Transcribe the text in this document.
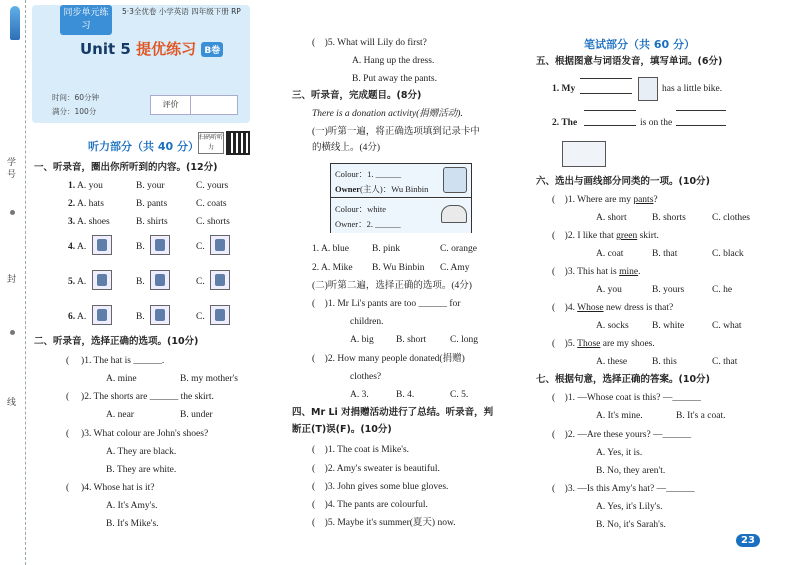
学
号
封
线
同步单元练习
5·3全优卷 小学英语 四年级下册 RP
Unit 5 提优练习 B卷
时间：60分钟
满分：100分
评价
听力部分（共 40 分）
扫码听听力
一、听录音，圈出你所听到的内容。(12分)
1. A. you	B. your	C. yours
2. A. hats	B. pants	C. coats
3. A. shoes	B. shirts	C. shorts
4. A.	B.	C.
5. A.	B.	C.
6. A.	B.	C.
二、听录音，选择正确的选项。(10分)
( )1. The hat is ______.
A. mine	B. my mother's
( )2. The shorts are ______ the skirt.
A. near	B. under
( )3. What colour are John's shoes?
A. They are black.
B. They are white.
( )4. Whose hat is it?
A. It's Amy's.
B. It's Mike's.
( )5. What will Lily do first?
A. Hang up the dress.
B. Put away the pants.
三、听录音，完成题目。(8分)
There is a donation activity(捐赠活动).
(一)听第一遍，将正确选项填到记录卡中
的横线上。(4分)
Colour：1. ______
Owner(主人)：Wu Binbin
Colour：white
Owner：2. ______
1. A. blue B. pink	C. orange
2. A. Mike B. Wu Binbin C. Amy
(二)听第二遍，选择正确的选项。(4分)
( )1. Mr Li's pants are too ______ for
children.
A. big B. short	C. long
( )2. How many people donated(捐赠)
clothes?
A. 3.	B. 4.	C. 5.
四、Mr Li 对捐赠活动进行了总结。听录音，判
断正(T)误(F)。(10分)
( )1. The coat is Mike's.
( )2. Amy's sweater is beautiful.
( )3. John gives some blue gloves.
( )4. The pants are colourful.
( )5. Maybe it's summer(夏天) now.
笔试部分（共 60 分）
五、根据图意与词语发音，填写单词。(6分)
1. My	has a little bike.
2. The	is on the
六、选出与画线部分同类的一项。(10分)
( )1. Where are my pants?
A. short	B. shorts	C. clothes
( )2. I like that green skirt.
A. coat	B. that	C. black
( )3. This hat is mine.
A. you	B. yours	C. he
( )4. Whose new dress is that?
A. socks B. white	C. what
( )5. Those are my shoes.
A. these	B. this	C. that
七、根据句意，选择正确的答案。(10分)
( )1. —Whose coat is this? —______
A. It's mine.	B. It's a coat.
( )2. —Are these yours? —______
A. Yes, it is.
B. No, they aren't.
( )3. —Is this Amy's hat? —______
A. Yes, it's Lily's.
B. No, it's Sarah's.
23
